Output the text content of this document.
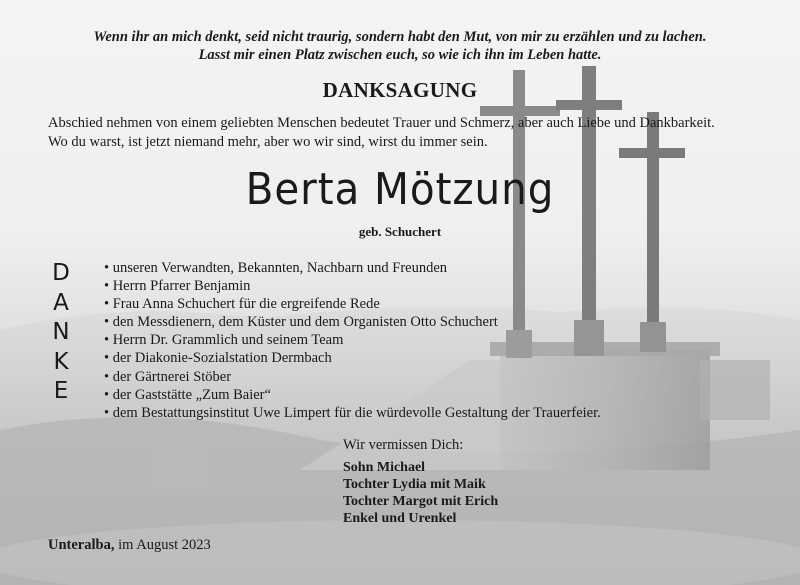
Wenn ihr an mich denkt, seid nicht traurig, sondern habt den Mut, von mir zu erzählen und zu lachen.
Lasst mir einen Platz zwischen euch, so wie ich ihn im Leben hatte.
DANKSAGUNG
Abschied nehmen von einem geliebten Menschen bedeutet Trauer und Schmerz, aber auch Liebe und Dankbarkeit.
Wo du warst, ist jetzt niemand mehr, aber wo wir sind, wirst du immer sein.
Berta Mötzung
geb. Schuchert
D
A
N
K
E
• unseren Verwandten, Bekannten, Nachbarn und Freunden
• Herrn Pfarrer Benjamin
• Frau Anna Schuchert für die ergreifende Rede
• den Messdienern, dem Küster und dem Organisten Otto Schuchert
• Herrn Dr. Grammlich und seinem Team
• der Diakonie-Sozialstation Dermbach
• der Gärtnerei Stöber
• der Gaststätte „Zum Baier“
• dem Bestattungsinstitut Uwe Limpert für die würdevolle Gestaltung der Trauerfeier.
Wir vermissen Dich:
Sohn Michael
Tochter Lydia mit Maik
Tochter Margot mit Erich
Enkel und Urenkel
Unteralba, im August 2023
